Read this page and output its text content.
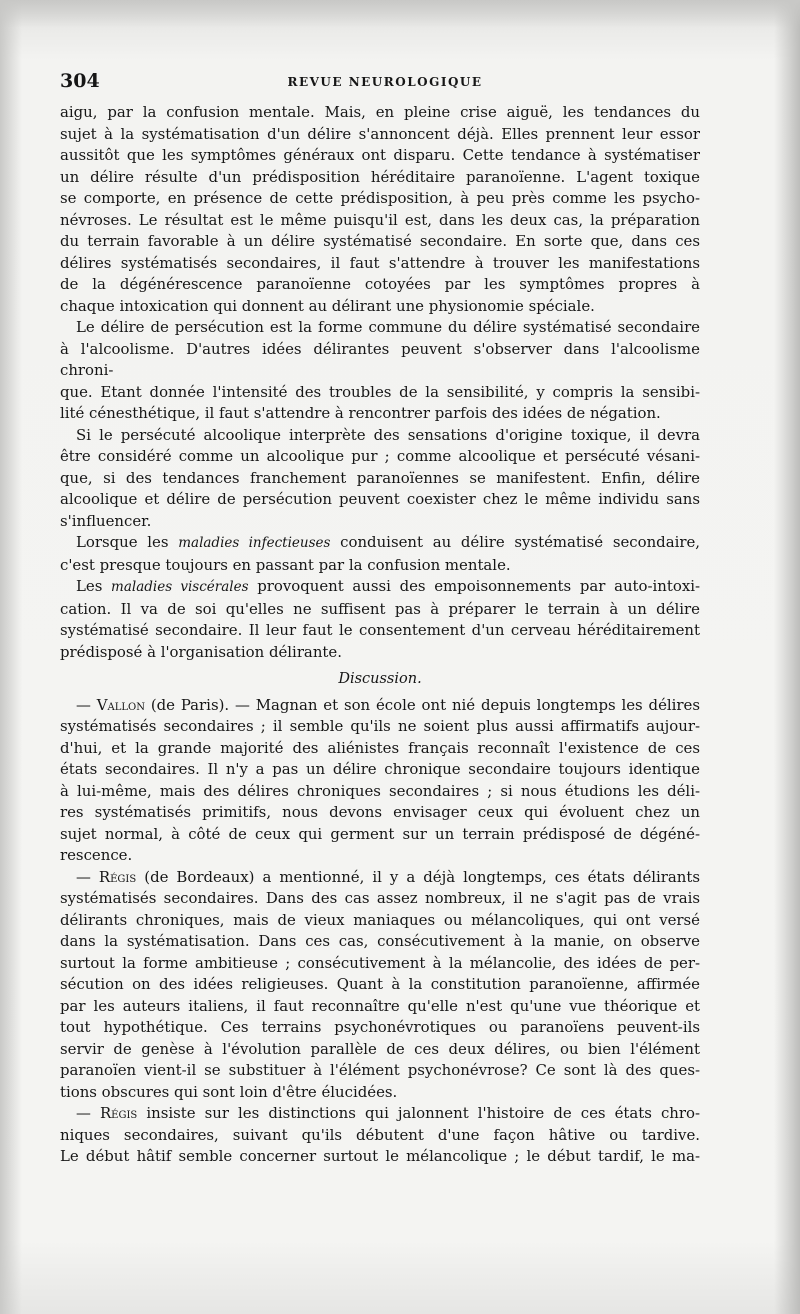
304	REVUE NEUROLOGIQUE

aigu, par la confusion mentale. Mais, en pleine crise aiguë, les tendances du

sujet à la systématisation d'un délire s'annoncent déjà. Elles prennent leur essor

aussitôt que les symptômes généraux ont disparu. Cette tendance à systématiser

un délire résulte d'un prédisposition héréditaire paranoïenne. L'agent toxique

se comporte, en présence de cette prédisposition, à peu près comme les psycho-

névroses. Le résultat est le même puisqu'il est, dans les deux cas, la préparation

du terrain favorable à un délire systématisé secondaire. En sorte que, dans ces

délires systématisés secondaires, il faut s'attendre à trouver les manifestations

de la dégénérescence paranoïenne cotoyées par les symptômes propres à

chaque intoxication qui donnent au délirant une physionomie spéciale.

Le délire de persécution est la forme commune du délire systématisé secondaire

à l'alcoolisme. D'autres idées délirantes peuvent s'observer dans l'alcoolisme chroni-

que. Etant donnée l'intensité des troubles de la sensibilité, y compris la sensibi-

lité cénesthétique, il faut s'attendre à rencontrer parfois des idées de négation.

Si le persécuté alcoolique interprète des sensations d'origine toxique, il devra

être considéré comme un alcoolique pur ; comme alcoolique et persécuté vésani-

que, si des tendances franchement paranoïennes se manifestent. Enfin, délire

alcoolique et délire de persécution peuvent coexister chez le même individu sans

s'influencer.

Lorsque les maladies infectieuses conduisent au délire systématisé secondaire,

c'est presque toujours en passant par la confusion mentale.

Les maladies viscérales provoquent aussi des empoisonnements par auto-intoxi-

cation. Il va de soi qu'elles ne suffisent pas à préparer le terrain à un délire

systématisé secondaire. Il leur faut le consentement d'un cerveau héréditairement

prédisposé à l'organisation délirante.

Discussion.

— Vallon (de Paris). — Magnan et son école ont nié depuis longtemps les délires

systématisés secondaires ; il semble qu'ils ne soient plus aussi affirmatifs aujour-

d'hui, et la grande majorité des aliénistes français reconnaît l'existence de ces

états secondaires. Il n'y a pas un délire chronique secondaire toujours identique

à lui-même, mais des délires chroniques secondaires ; si nous étudions les déli-

res systématisés primitifs, nous devons envisager ceux qui évoluent chez un

sujet normal, à côté de ceux qui germent sur un terrain prédisposé de dégéné-

rescence.

— Régis (de Bordeaux) a mentionné, il y a déjà longtemps, ces états délirants

systématisés secondaires. Dans des cas assez nombreux, il ne s'agit pas de vrais

délirants chroniques, mais de vieux maniaques ou mélancoliques, qui ont versé

dans la systématisation. Dans ces cas, consécutivement à la manie, on observe

surtout la forme ambitieuse ; consécutivement à la mélancolie, des idées de per-

sécution on des idées religieuses. Quant à la constitution paranoïenne, affirmée

par les auteurs italiens, il faut reconnaître qu'elle n'est qu'une vue théorique et

tout hypothétique. Ces terrains psychonévrotiques ou paranoïens peuvent-ils

servir de genèse à l'évolution parallèle de ces deux délires, ou bien l'élément

paranoïen vient-il se substituer à l'élément psychonévrose? Ce sont là des ques-

tions obscures qui sont loin d'être élucidées.

— Régis insiste sur les distinctions qui jalonnent l'histoire de ces états chro-

niques secondaires, suivant qu'ils débutent d'une façon hâtive ou tardive.

Le début hâtif semble concerner surtout le mélancolique ; le début tardif, le ma-
